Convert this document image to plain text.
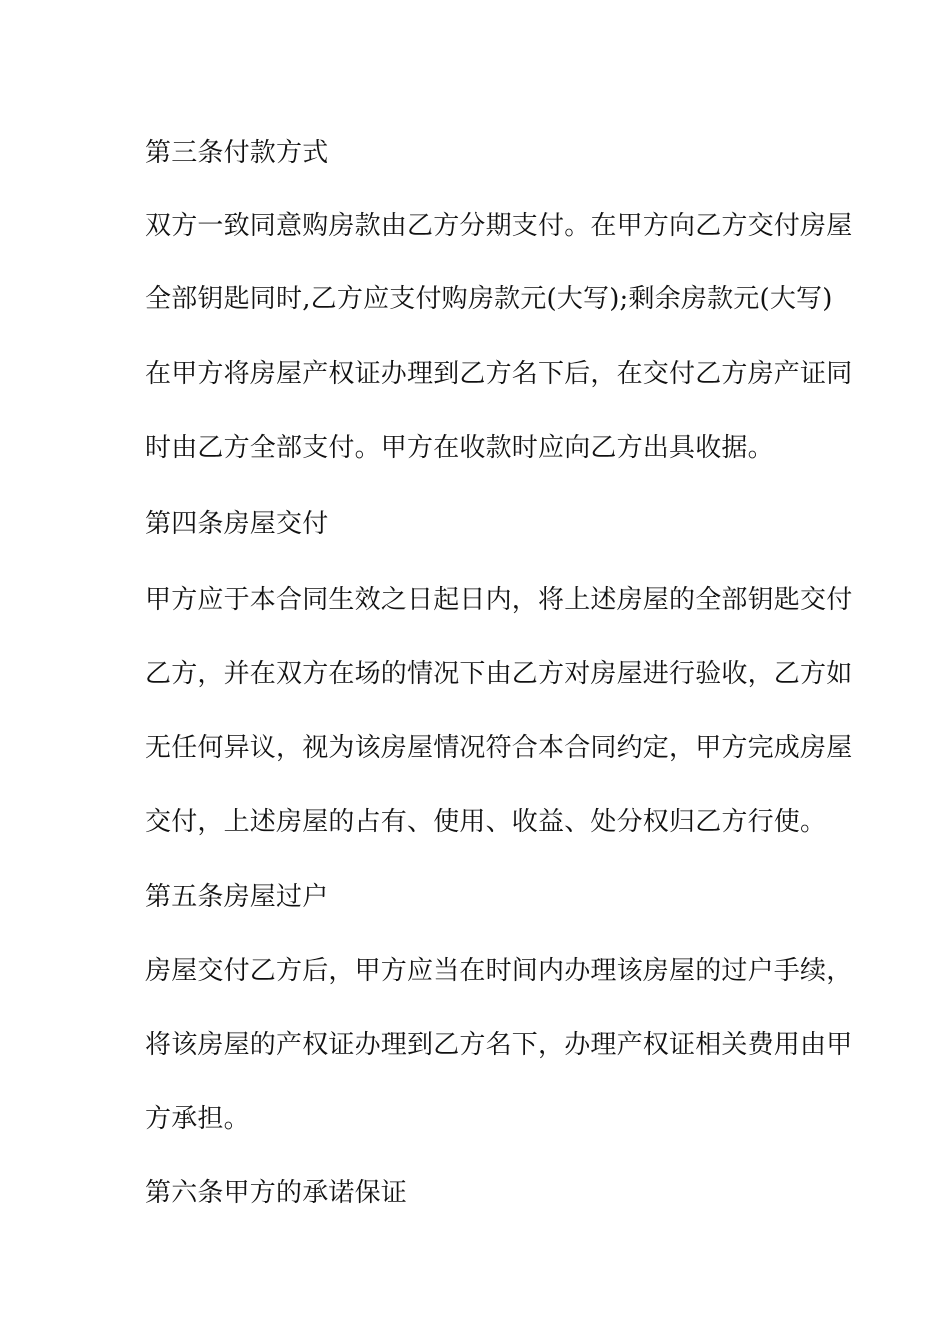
第三条付款方式
双方一致同意购房款由乙方分期支付。在甲方向乙方交付房屋
全部钥匙同时,乙方应支付购房款元(大写);剩余房款元(大写)
在甲方将房屋产权证办理到乙方名下后，在交付乙方房产证同
时由乙方全部支付。甲方在收款时应向乙方出具收据。
第四条房屋交付
甲方应于本合同生效之日起日内，将上述房屋的全部钥匙交付
乙方，并在双方在场的情况下由乙方对房屋进行验收，乙方如
无任何异议，视为该房屋情况符合本合同约定，甲方完成房屋
交付，上述房屋的占有、使用、收益、处分权归乙方行使。
第五条房屋过户
房屋交付乙方后，甲方应当在时间内办理该房屋的过户手续，
将该房屋的产权证办理到乙方名下，办理产权证相关费用由甲
方承担。
第六条甲方的承诺保证
